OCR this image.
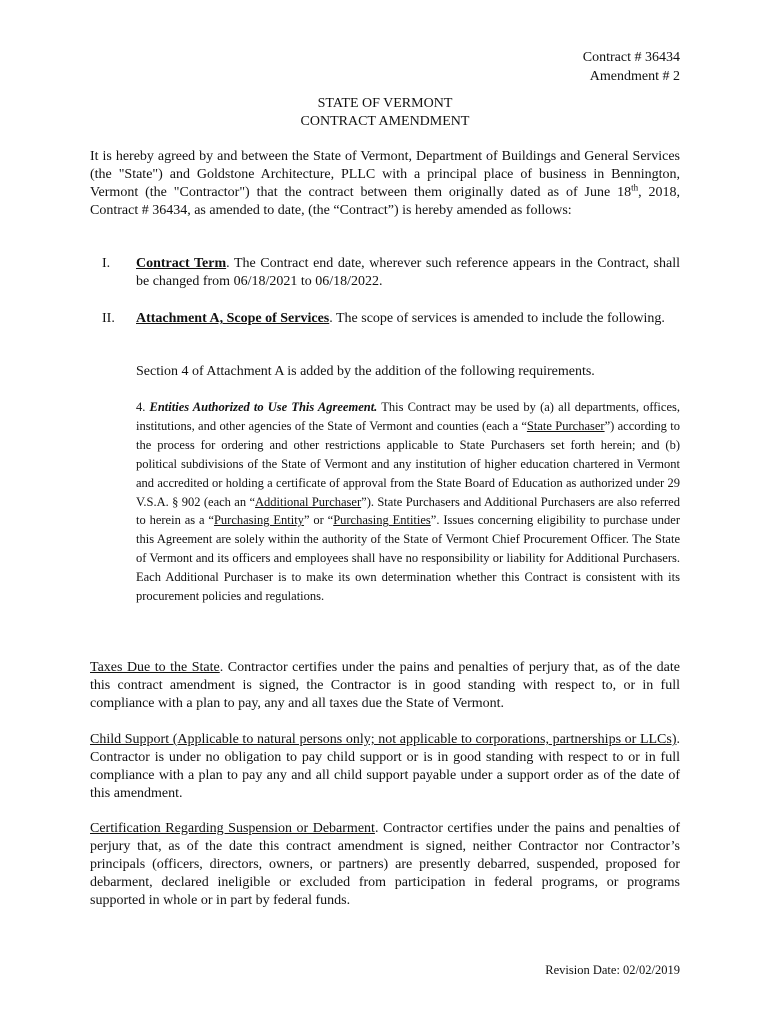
Contract # 36434
Amendment # 2
STATE OF VERMONT
CONTRACT AMENDMENT
It is hereby agreed by and between the State of Vermont, Department of Buildings and General Services (the "State") and Goldstone Architecture, PLLC with a principal place of business in Bennington, Vermont (the "Contractor") that the contract between them originally dated as of June 18th, 2018, Contract # 36434, as amended to date, (the “Contract”) is hereby amended as follows:
I. Contract Term. The Contract end date, wherever such reference appears in the Contract, shall be changed from 06/18/2021 to 06/18/2022.
II. Attachment A, Scope of Services. The scope of services is amended to include the following.
Section 4 of Attachment A is added by the addition of the following requirements.
4. Entities Authorized to Use This Agreement. This Contract may be used by (a) all departments, offices, institutions, and other agencies of the State of Vermont and counties (each a “State Purchaser”) according to the process for ordering and other restrictions applicable to State Purchasers set forth herein; and (b) political subdivisions of the State of Vermont and any institution of higher education chartered in Vermont and accredited or holding a certificate of approval from the State Board of Education as authorized under 29 V.S.A. § 902 (each an “Additional Purchaser”). State Purchasers and Additional Purchasers are also referred to herein as a “Purchasing Entity” or “Purchasing Entities”. Issues concerning eligibility to purchase under this Agreement are solely within the authority of the State of Vermont Chief Procurement Officer. The State of Vermont and its officers and employees shall have no responsibility or liability for Additional Purchasers. Each Additional Purchaser is to make its own determination whether this Contract is consistent with its procurement policies and regulations.
Taxes Due to the State. Contractor certifies under the pains and penalties of perjury that, as of the date this contract amendment is signed, the Contractor is in good standing with respect to, or in full compliance with a plan to pay, any and all taxes due the State of Vermont.
Child Support (Applicable to natural persons only; not applicable to corporations, partnerships or LLCs). Contractor is under no obligation to pay child support or is in good standing with respect to or in full compliance with a plan to pay any and all child support payable under a support order as of the date of this amendment.
Certification Regarding Suspension or Debarment. Contractor certifies under the pains and penalties of perjury that, as of the date this contract amendment is signed, neither Contractor nor Contractor’s principals (officers, directors, owners, or partners) are presently debarred, suspended, proposed for debarment, declared ineligible or excluded from participation in federal programs, or programs supported in whole or in part by federal funds.
Revision Date: 02/02/2019
